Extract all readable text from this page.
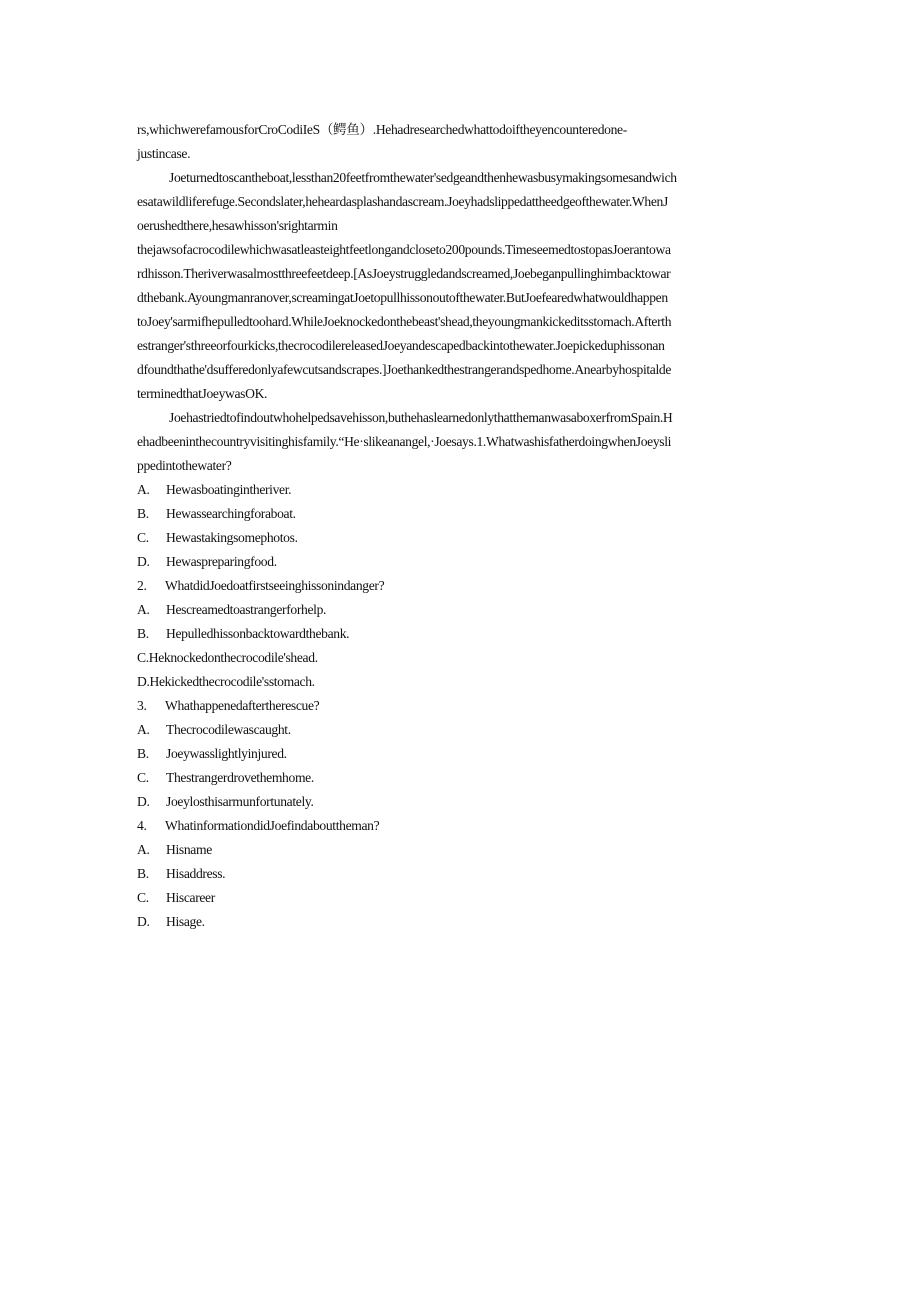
rs,whichwerefamousforCroCodiIeS（鳄鱼）.Hehadresearchedwhattodoiftheyencounteredone-
justincase.
Joeturnedtoscantheboat,lessthan20feetfromthewater'sedgeandthenhewasbusymakingsomesandwich
esatawildliferefuge.Secondslater,heheardasplashandascream.Joeyhadslippedattheedgeofthewater.WhenJ
oerushedthere,hesawhisson'srightarmin
thejawsofacrocodilewhichwasatleasteightfeetlongandcloseto200pounds.TimeseemedtostopasJoerantowa
rdhisson.Theriverwasalmostthreefeetdeep.[AsJoeystruggledandscreamed,Joebeganpullinghimbacktowar
dthebank.Ayoungmanranover,screamingatJoetopullhissonoutofthewater.ButJoefearedwhatwouldhappen
toJoey'sarmifhepulledtoohard.WhileJoeknockedonthebeast'shead,theyoungmankickeditsstomach.Afterth
estranger'sthreeorfourkicks,thecrocodilereleasedJoeyandescapedbackintothewater.Joepickeduphissonan
dfoundthathe'dsufferedonlyafewcutsandscrapes.]Joethankedthestrangerandspedhome.Anearbyhospitalde
terminedthatJoeywasOK.
Joehastriedtofindoutwhohelpedsavehisson,buthehaslearnedonlythatthemanwasaboxerfromSpain.H
ehadbeeninthecountryvisitinghisfamily.“He·slikeanangel,·Joesays.1.WhatwashisfatherdoingwhenJoeysli
ppedintothewater?
A. Hewasboatingintheriver.
B. Hewassearchingforaboat.
C. Hewastakingsomephotos.
D. Hewaspreparingfood.
2. WhatdidJoedoatfirstseeinghissonindanger?
A. Hescreamedtoastrangerforhelp.
B. Hepulledhissonbacktowardthebank.
C.Heknockedonthecrocodile'shead.
D.Hekickedthecrocodile'sstomach.
3. Whathappenedaftertherescue?
A. Thecrocodilewascaught.
B. Joeywasslightlyinjured.
C. Thestrangerdrovethemhome.
D. Joeylosthisarmunfortunately.
4. WhatinformationdidJoefindabouttheman?
A. Hisname
B. Hisaddress.
C. Hiscareer
D. Hisage.
